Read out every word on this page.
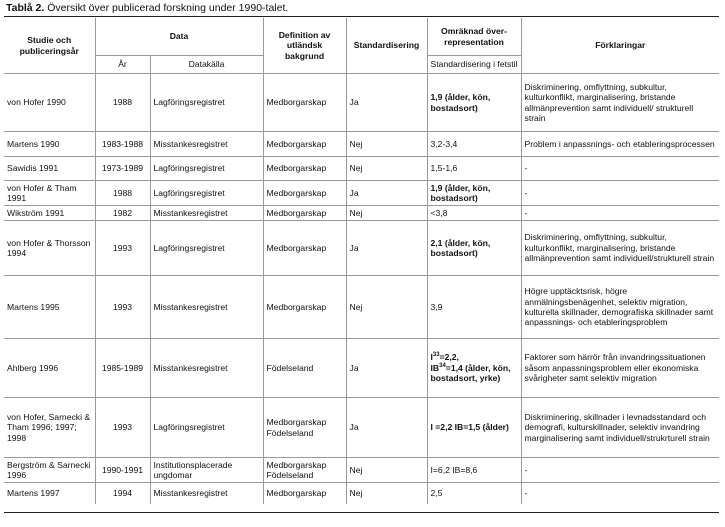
Tablå 2. Översikt över publicerad forskning under 1990-talet.
Studie och publiceringsår	Data		Definition av utländsk bakgrund	Standardisering	Omräknad över-representation	Förklaringar
	År	Datakälla			Standardisering i fetstil	
von Hofer 1990	1988	Lagföringsregistret	Medborgarskap	Ja	1,9 (ålder, kön, bostadsort)	Diskriminering, omflyttning, subkultur, kulturkonflikt, marginalisering, bristande allmänprevention samt individuell/ strukturell strain
Martens 1990	1983-1988	Misstankesregistret	Medborgarskap	Nej	3,2-3,4	Problem i anpassnings- och etableringsprocessen
Sawidis 1991	1973-1989	Lagföringsregistret	Medborgarskap	Nej	1,5-1,6	-
von Hofer & Tham 1991	1988	Lagföringsregistret	Medborgarskap	Ja	1,9 (ålder, kön, bostadsort)	-
Wikström 1991	1982	Misstankesregistret	Medborgarskap	Nej	<3,8	-
von Hofer & Thorsson 1994	1993	Lagföringsregistret	Medborgarskap	Ja	2,1 (ålder, kön, bostadsort)	Diskriminering, omflyttning, subkultur, kulturkonflikt, marginalisering, bristande allmänprevention samt individuell/strukturell strain
Martens 1995	1993	Misstankesregistret	Medborgarskap	Nej	3,9	Högre upptäcktsrisk, högre anmälningsbenägenhet, selektiv migration, kulturella skillnader, demografiska skillnader samt anpassnings- och etableringsproblem
Ahlberg 1996	1985-1989	Misstankesregistret	Födelseland	Ja	$I^{33}=2,2$,
$IB^{34}=1,4$ (ålder, kön, bostadsort, yrke)	Faktorer som härrör från invandringssituationen såsom anpassningsproblem eller ekonomiska svårigheter samt selektiv migration
von Hofer, Sarnecki & Tham 1996; 1997; 1998	1993	Lagföringsregistret	Medborgarskap Födelseland	Ja	I =2,2 IB=1,5 (ålder)	Diskriminering, skillnader i levnadsstandard och demografi, kulturskillnader, selektiv invandring marginalisering samt individuell/strukrturell strain
Bergström & Sarnecki 1996	1990-1991	Institutionsplacerade ungdomar	Medborgarskap Födelseland	Nej	I=6,2 IB=8,6	-
Martens 1997	1994	Misstankesregistret	Medborgarskap	Nej	2,5	-
